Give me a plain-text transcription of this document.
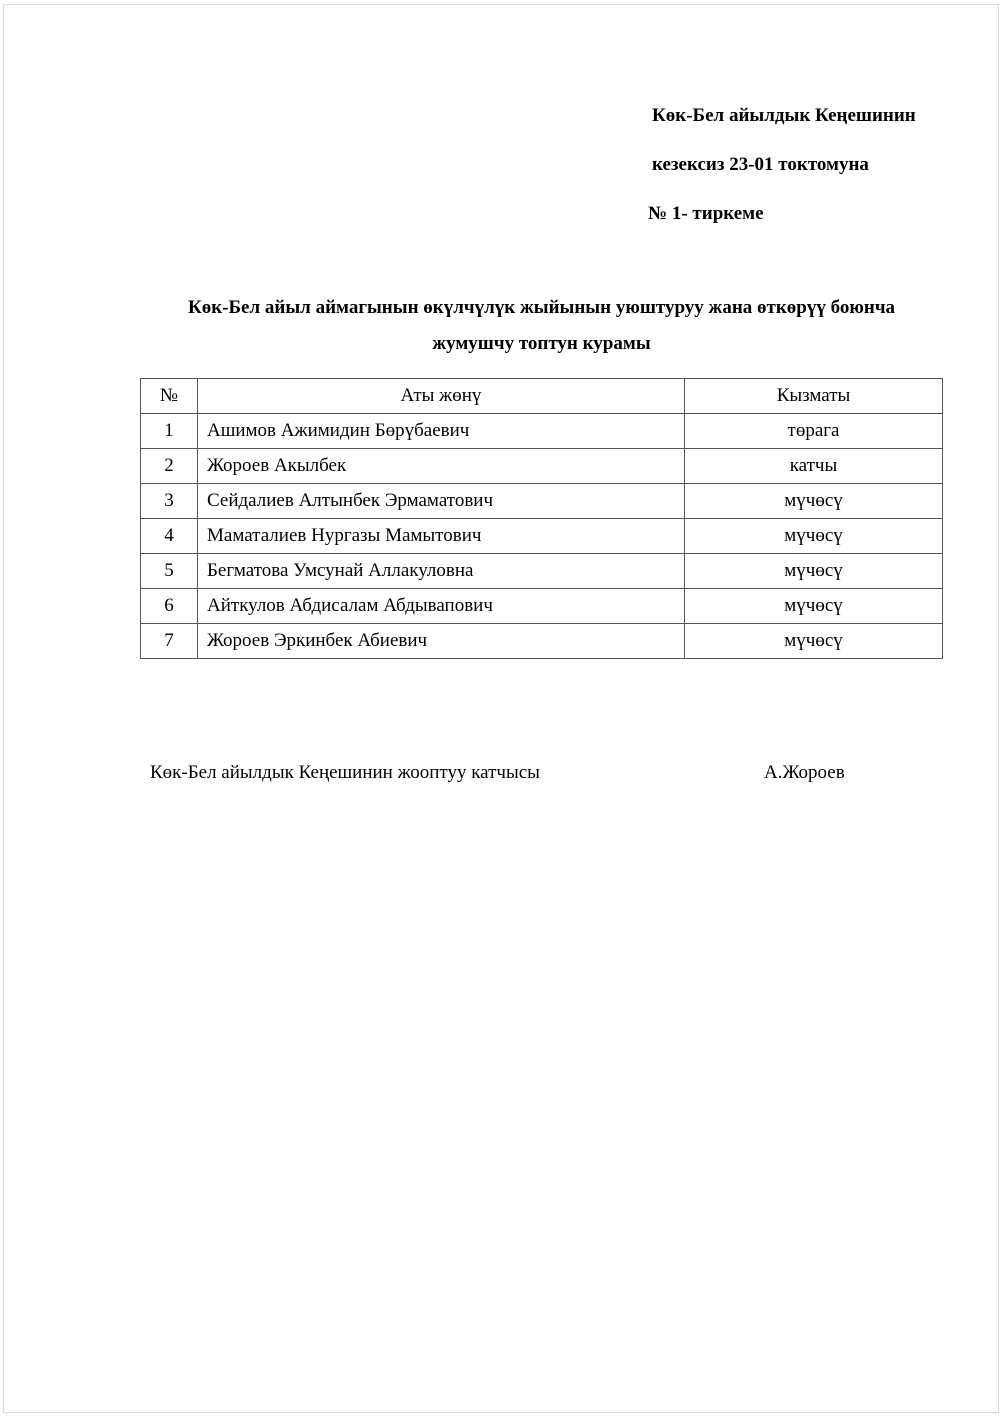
Көк-Бел айылдык Кеңешинин
кезексиз 23-01 токтомуна
№ 1- тиркеме
Көк-Бел айыл аймагынын өкүлчүлүк жыйынын уюштуруу жана өткөрүү боюнча
жумушчу топтун курамы
№	Аты жөнү	Кызматы
1	Ашимов Ажимидин Бөрүбаевич	төрага
2	Жороев Акылбек	катчы
3	Сейдалиев Алтынбек Эрмаматович	мүчөсү
4	Маматалиев Нургазы Мамытович	мүчөсү
5	Бегматова Умсунай Аллакуловна	мүчөсү
6	Айткулов Абдисалам Абдывапович	мүчөсү
7	Жороев Эркинбек Абиевич	мүчөсү
Көк-Бел айылдык Кеңешинин жооптуу катчысы	А.Жороев
